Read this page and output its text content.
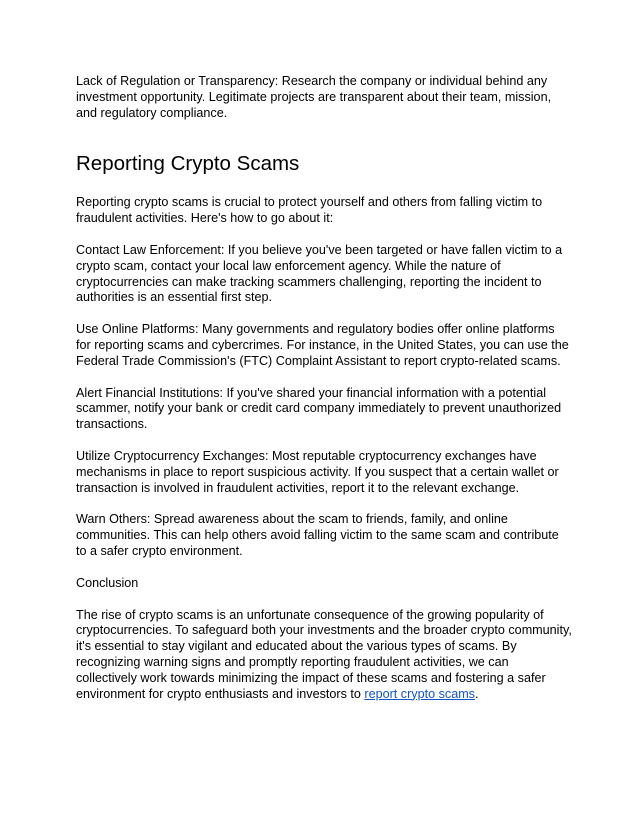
Lack of Regulation or Transparency: Research the company or individual behind any investment opportunity. Legitimate projects are transparent about their team, mission, and regulatory compliance.

Reporting Crypto Scams

Reporting crypto scams is crucial to protect yourself and others from falling victim to fraudulent activities. Here's how to go about it:

Contact Law Enforcement: If you believe you've been targeted or have fallen victim to a crypto scam, contact your local law enforcement agency. While the nature of cryptocurrencies can make tracking scammers challenging, reporting the incident to authorities is an essential first step.

Use Online Platforms: Many governments and regulatory bodies offer online platforms for reporting scams and cybercrimes. For instance, in the United States, you can use the Federal Trade Commission's (FTC) Complaint Assistant to report crypto-related scams.

Alert Financial Institutions: If you've shared your financial information with a potential scammer, notify your bank or credit card company immediately to prevent unauthorized transactions.

Utilize Cryptocurrency Exchanges: Most reputable cryptocurrency exchanges have mechanisms in place to report suspicious activity. If you suspect that a certain wallet or transaction is involved in fraudulent activities, report it to the relevant exchange.

Warn Others: Spread awareness about the scam to friends, family, and online communities. This can help others avoid falling victim to the same scam and contribute to a safer crypto environment.

Conclusion

The rise of crypto scams is an unfortunate consequence of the growing popularity of cryptocurrencies. To safeguard both your investments and the broader crypto community, it's essential to stay vigilant and educated about the various types of scams. By recognizing warning signs and promptly reporting fraudulent activities, we can collectively work towards minimizing the impact of these scams and fostering a safer environment for crypto enthusiasts and investors to report crypto scams.
